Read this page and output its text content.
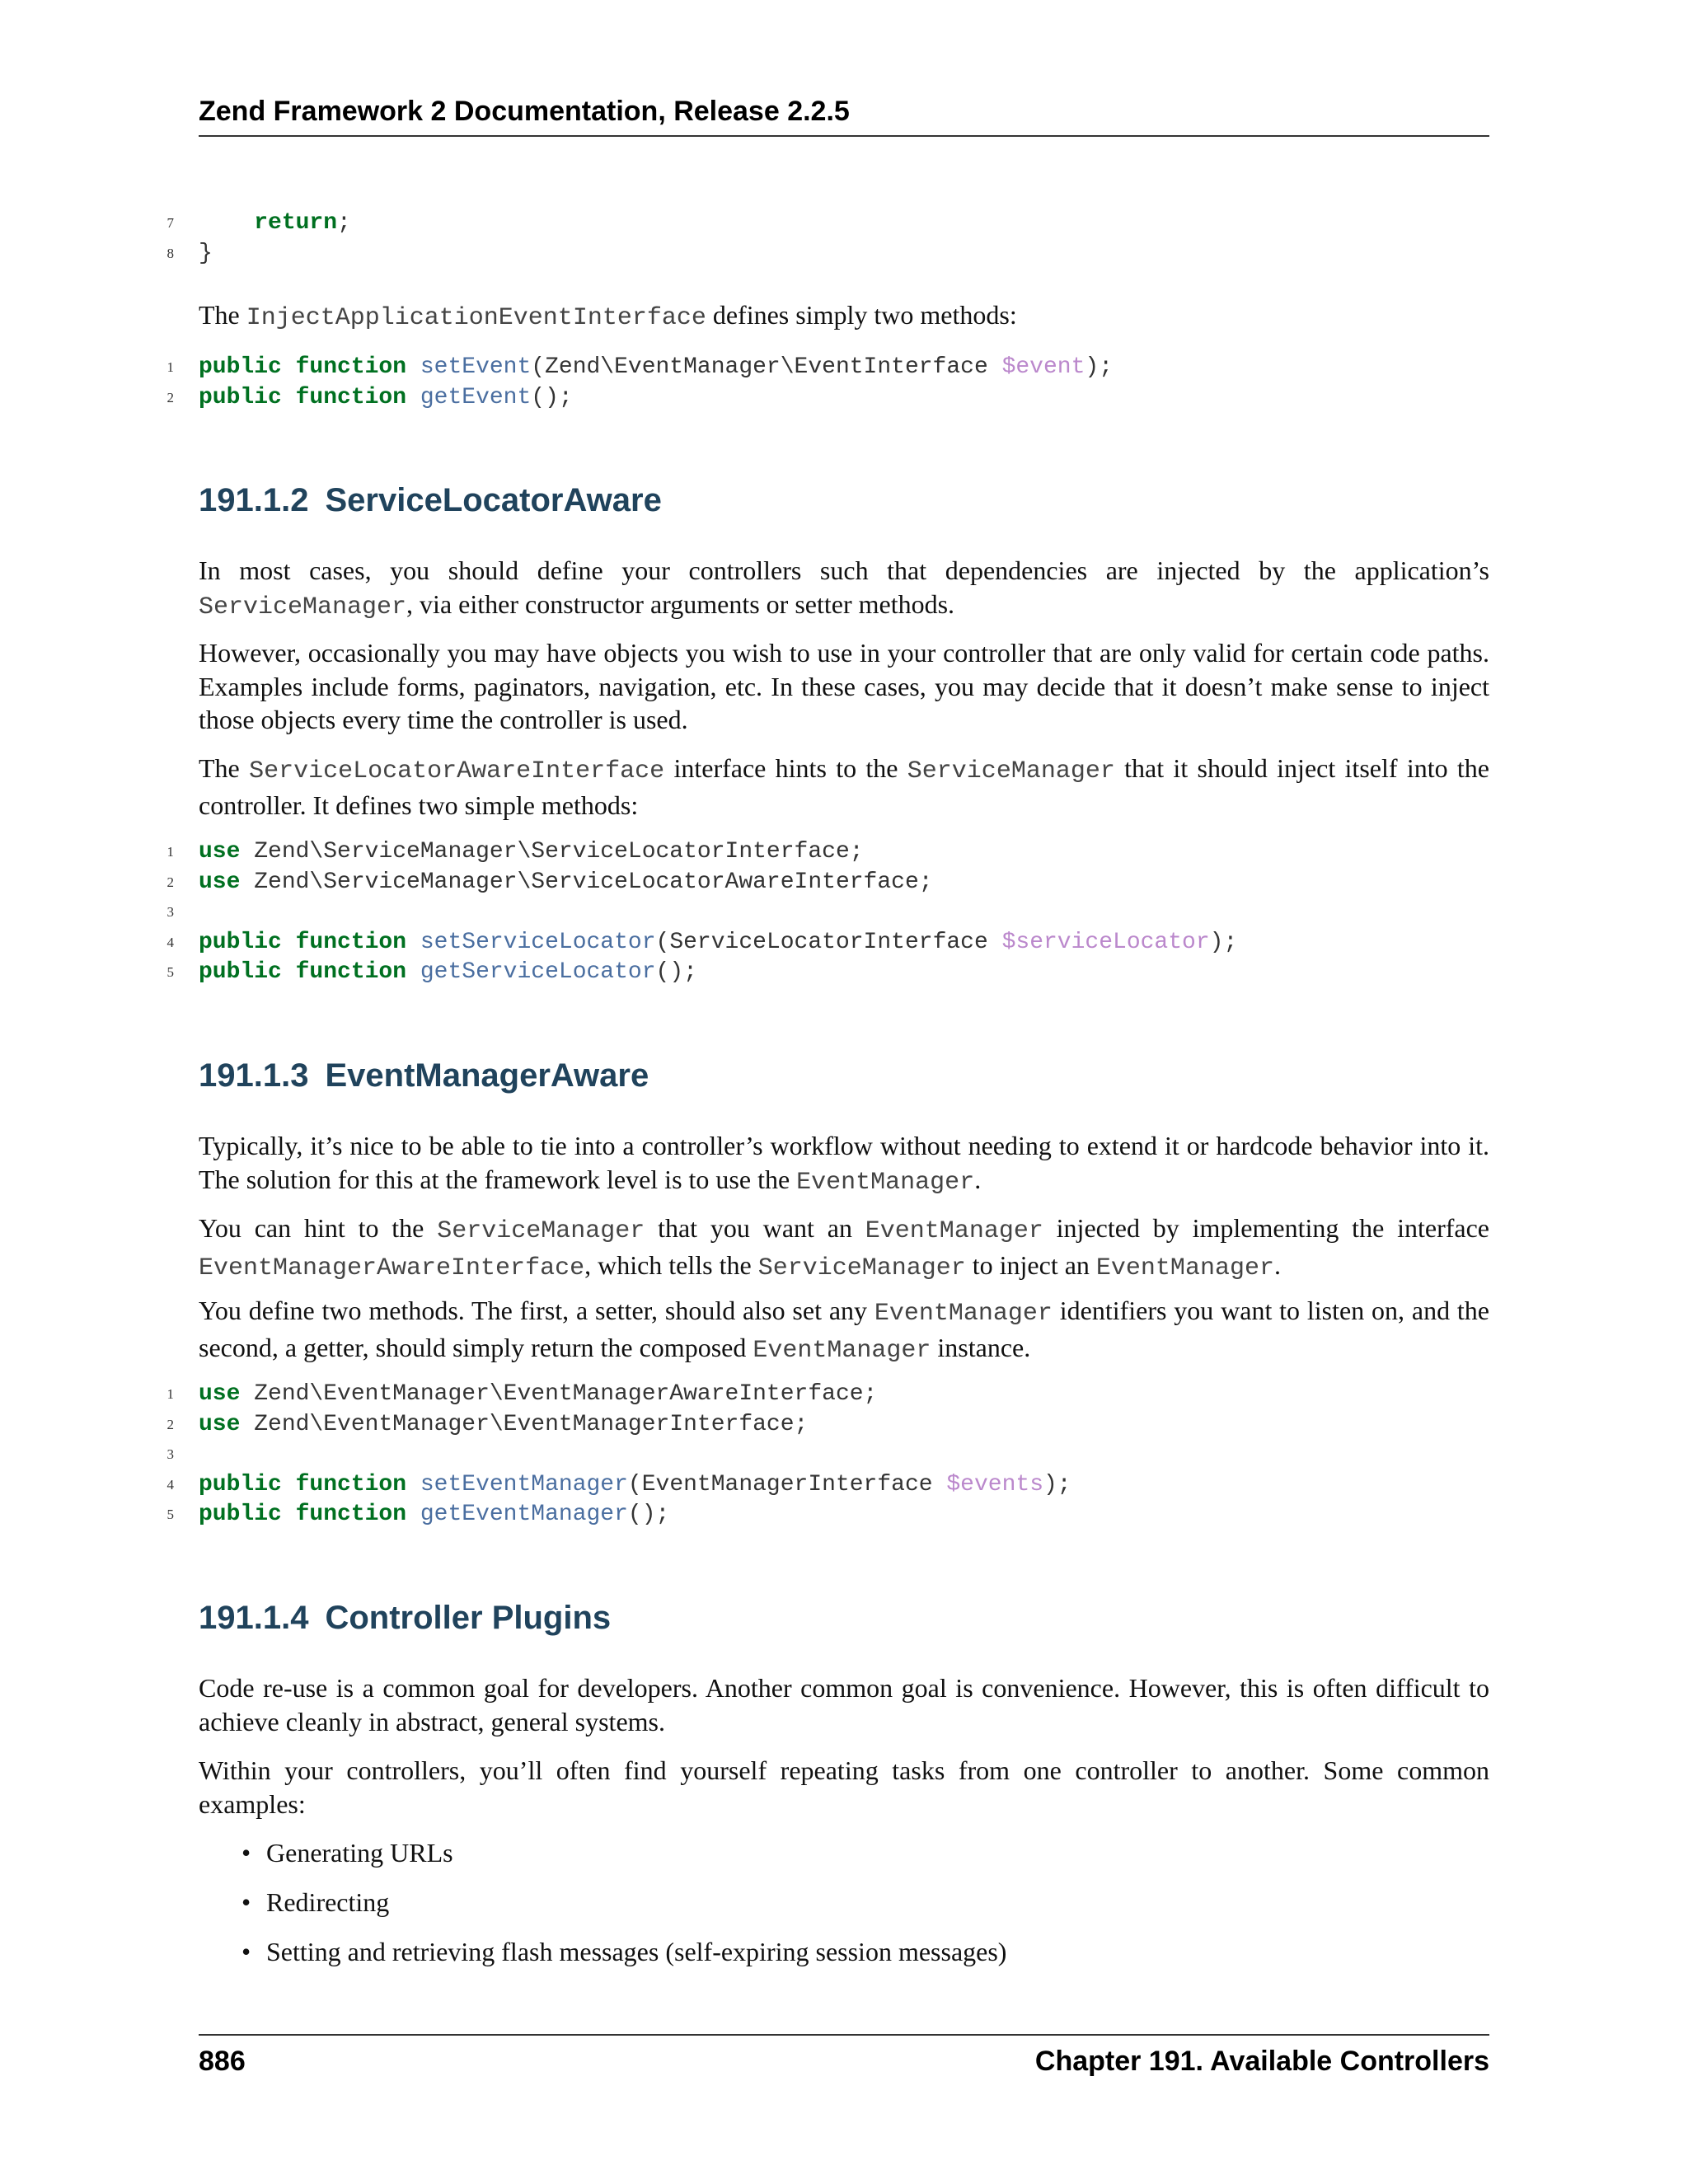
Zend Framework 2 Documentation, Release 2.2.5
7	return;
8 }
The InjectApplicationEventInterface defines simply two methods:
1 public function setEvent(Zend\EventManager\EventInterface $event);
2 public function getEvent();
191.1.2 ServiceLocatorAware
In most cases, you should define your controllers such that dependencies are injected by the application’s ServiceManager, via either constructor arguments or setter methods.
However, occasionally you may have objects you wish to use in your controller that are only valid for certain code paths. Examples include forms, paginators, navigation, etc. In these cases, you may decide that it doesn’t make sense to inject those objects every time the controller is used.
The ServiceLocatorAwareInterface interface hints to the ServiceManager that it should inject itself into the controller. It defines two simple methods:
1 use Zend\ServiceManager\ServiceLocatorInterface;
2 use Zend\ServiceManager\ServiceLocatorAwareInterface;
3
4 public function setServiceLocator(ServiceLocatorInterface $serviceLocator);
5 public function getServiceLocator();
191.1.3 EventManagerAware
Typically, it’s nice to be able to tie into a controller’s workflow without needing to extend it or hardcode behavior into it. The solution for this at the framework level is to use the EventManager.
You can hint to the ServiceManager that you want an EventManager injected by implementing the interface EventManagerAwareInterface, which tells the ServiceManager to inject an EventManager.
You define two methods. The first, a setter, should also set any EventManager identifiers you want to listen on, and the second, a getter, should simply return the composed EventManager instance.
1 use Zend\EventManager\EventManagerAwareInterface;
2 use Zend\EventManager\EventManagerInterface;
3
4 public function setEventManager(EventManagerInterface $events);
5 public function getEventManager();
191.1.4 Controller Plugins
Code re-use is a common goal for developers. Another common goal is convenience. However, this is often difficult to achieve cleanly in abstract, general systems.
Within your controllers, you’ll often find yourself repeating tasks from one controller to another. Some common examples:
• Generating URLs
• Redirecting
• Setting and retrieving flash messages (self-expiring session messages)
886	Chapter 191. Available Controllers
